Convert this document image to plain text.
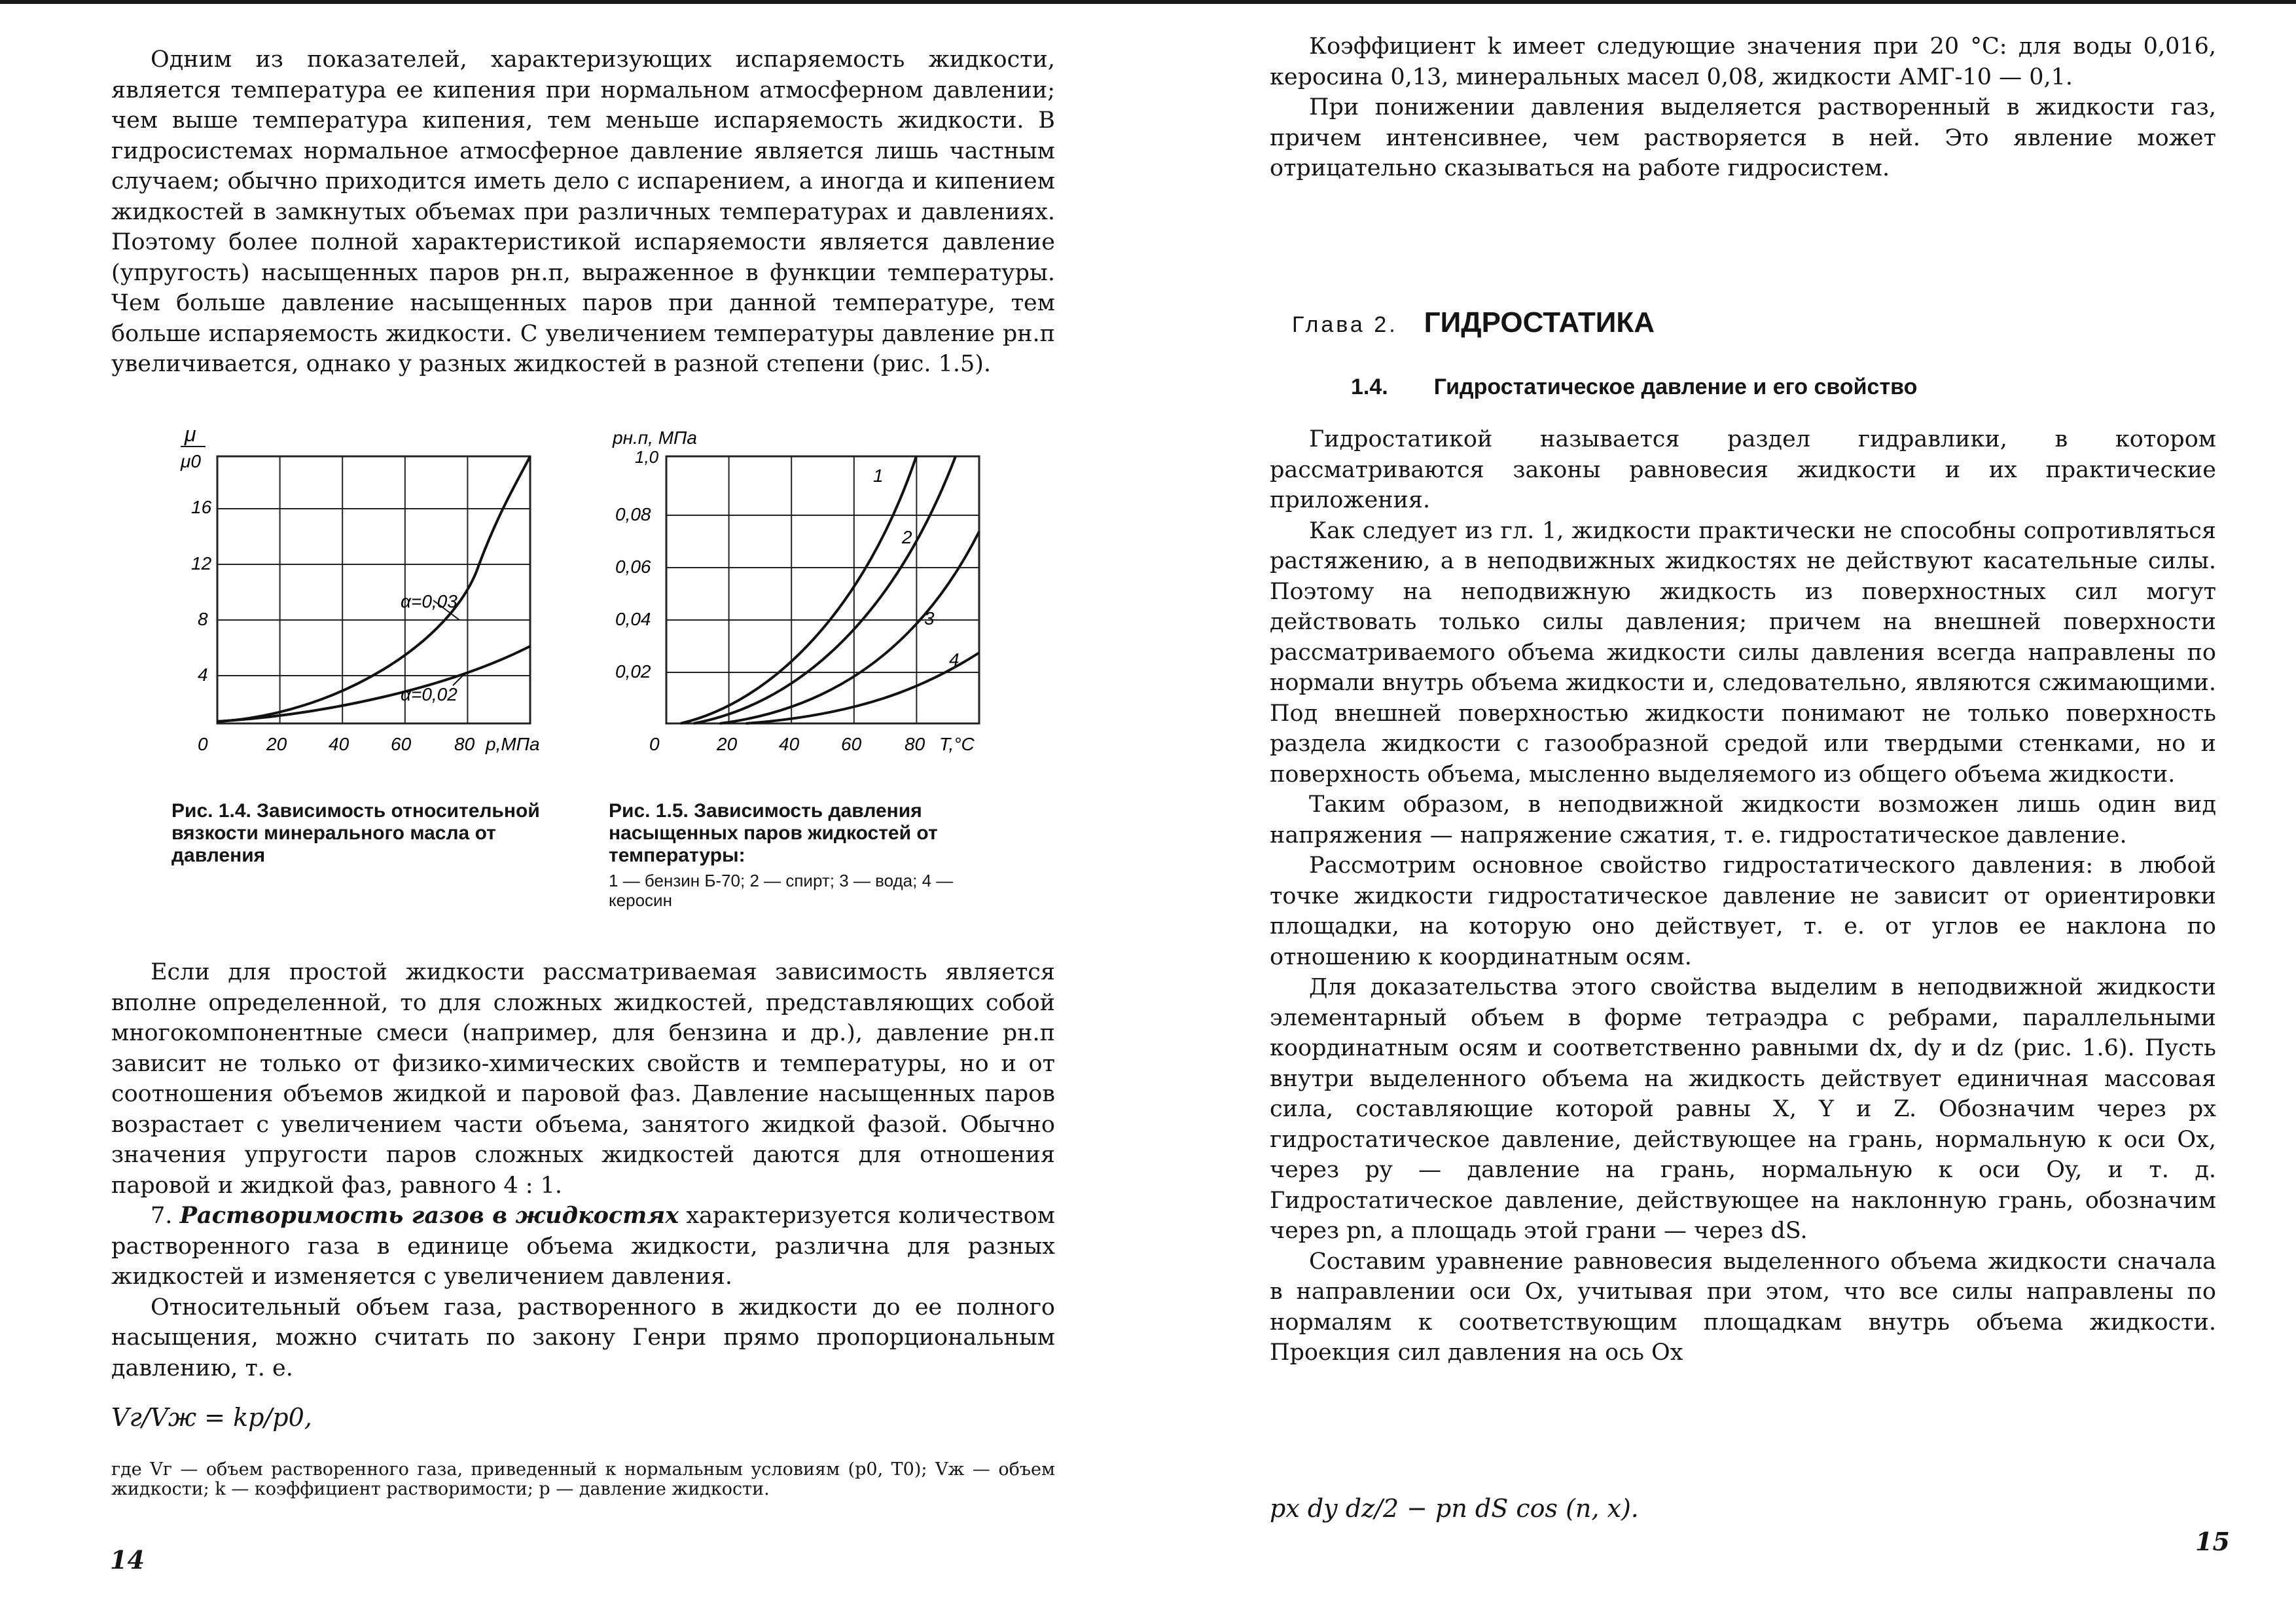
Одним из показателей, характеризующих испаряемость жидкости, является температура ее кипения при нормальном атмосферном давлении; чем выше температура кипения, тем меньше испаряемость жидкости. В гидросистемах нормальное атмосферное давление является лишь частным случаем; обычно приходится иметь дело с испарением, а иногда и кипением жидкостей в замкнутых объемах при различных температурах и давлениях. Поэтому более полной характеристикой испаряемости является давление (упругость) насыщенных паров pн.п, выраженное в функции температуры. Чем больше давление насыщенных паров при данной температуре, тем больше испаряемость жидкости. С увеличением температуры давление pн.п увеличивается, однако у разных жидкостей в разной степени (рис. 1.5).

μ
μ0
16
12
8
4
0	20 40 60 80 p,МПа
α=0,03
α=0,02

Рис. 1.4. Зависимость относительной вязкости минерального масла от давления

pн.п, МПа
1,0
0,08
0,06
0,04
0,02
0	20 40 60 80 T,°C
1
2
3
4

Рис. 1.5. Зависимость давления насыщенных паров жидкостей от температуры:

1 — бензин Б-70; 2 — спирт; 3 — вода; 4 — керосин

Если для простой жидкости рассматриваемая зависимость является вполне определенной, то для сложных жидкостей, представляющих собой многокомпонентные смеси (например, для бензина и др.), давление pн.п зависит не только от физико-химических свойств и температуры, но и от соотношения объемов жидкой и паровой фаз. Давление насыщенных паров возрастает с увеличением части объема, занятого жидкой фазой. Обычно значения упругости паров сложных жидкостей даются для отношения паровой и жидкой фаз, равного 4 : 1.

7. Растворимость газов в жидкостях характеризуется количеством растворенного газа в единице объема жидкости, различна для разных жидкостей и изменяется с увеличением давления.

Относительный объем газа, растворенного в жидкости до ее полного насыщения, можно считать по закону Генри прямо пропорциональным давлению, т. е.

Vг/Vж = kp/p0,

где Vг — объем растворенного газа, приведенный к нормальным условиям (p0, T0); Vж — объем жидкости; k — коэффициент растворимости; p — давление жидкости.

14

Коэффициент k имеет следующие значения при 20 °С: для воды 0,016, керосина 0,13, минеральных масел 0,08, жидкости АМГ-10 — 0,1.

При понижении давления выделяется растворенный в жидкости газ, причем интенсивнее, чем растворяется в ней. Это явление может отрицательно сказываться на работе гидросистем.

Глава 2. ГИДРОСТАТИКА
1.4. Гидростатическое давление и его свойство

Гидростатикой называется раздел гидравлики, в котором рассматриваются законы равновесия жидкости и их практические приложения.

Как следует из гл. 1, жидкости практически не способны сопротивляться растяжению, а в неподвижных жидкостях не действуют касательные силы. Поэтому на неподвижную жидкость из поверхностных сил могут действовать только силы давления; причем на внешней поверхности рассматриваемого объема жидкости силы давления всегда направлены по нормали внутрь объема жидкости и, следовательно, являются сжимающими. Под внешней поверхностью жидкости понимают не только поверхность раздела жидкости с газообразной средой или твердыми стенками, но и поверхность объема, мысленно выделяемого из общего объема жидкости.

Таким образом, в неподвижной жидкости возможен лишь один вид напряжения — напряжение сжатия, т. е. гидростатическое давление.

Рассмотрим основное свойство гидростатического давления: в любой точке жидкости гидростатическое давление не зависит от ориентировки площадки, на которую оно действует, т. е. от углов ее наклона по отношению к координатным осям.

Для доказательства этого свойства выделим в неподвижной жидкости элементарный объем в форме тетраэдра с ребрами, параллельными координатным осям и соответственно равными dx, dy и dz (рис. 1.6). Пусть внутри выделенного объема на жидкость действует единичная массовая сила, составляющие которой равны X, Y и Z. Обозначим через px гидростатическое давление, действующее на грань, нормальную к оси Ox, через py — давление на грань, нормальную к оси Oy, и т. д. Гидростатическое давление, действующее на наклонную грань, обозначим через pn, а площадь этой грани — через dS.

Составим уравнение равновесия выделенного объема жидкости сначала в направлении оси Ox, учитывая при этом, что все силы направлены по нормалям к соответствующим площадкам внутрь объема жидкости. Проекция сил давления на ось Ox

px dy dz/2 − pn dS cos (n, x).
15
